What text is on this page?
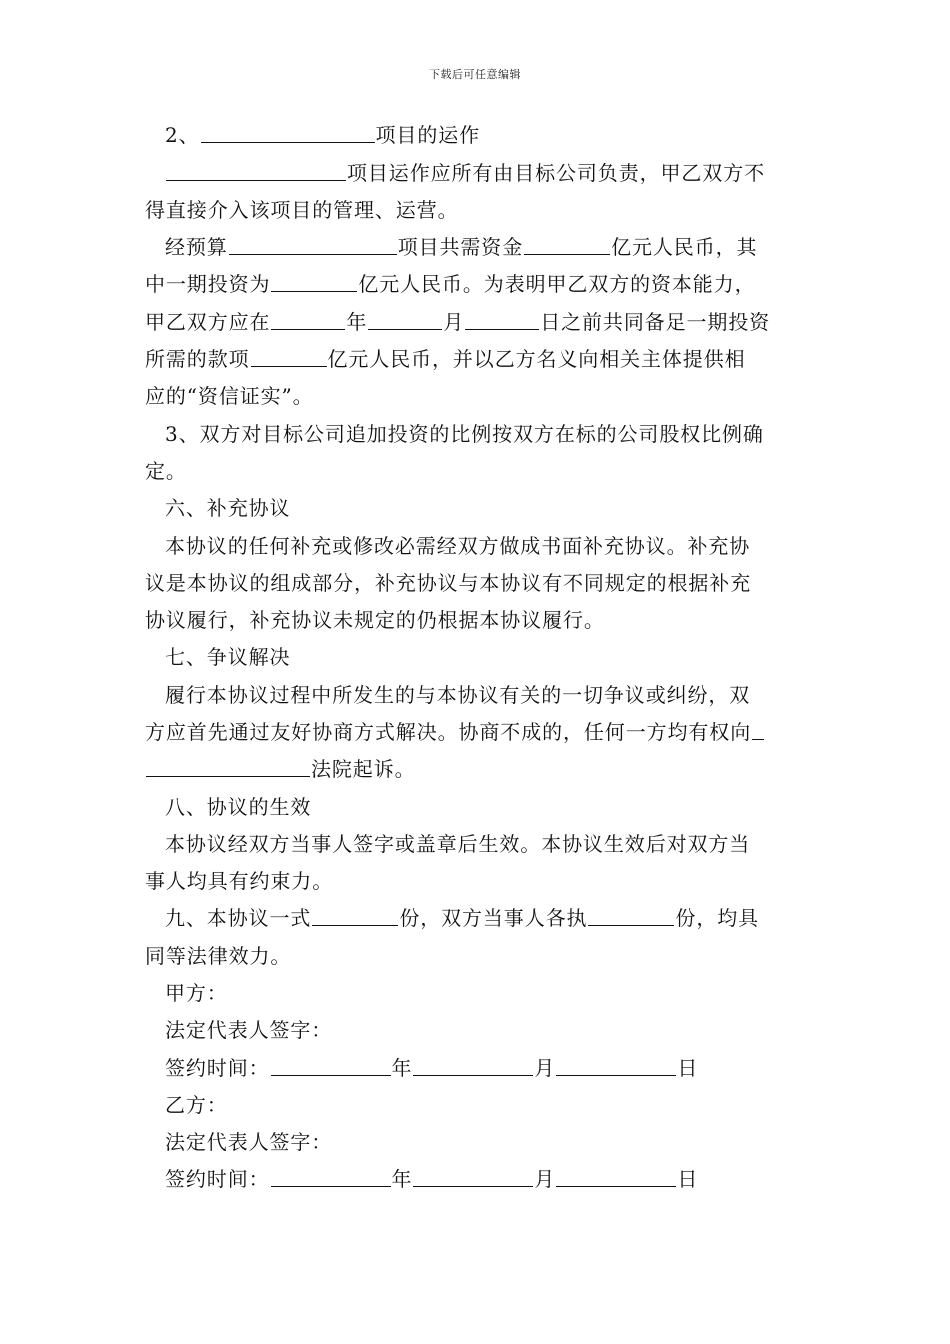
下载后可任意编辑
2、	项目的运作
项目运作应所有由目标公司负责，甲乙双方不
得直接介入该项目的管理、运营。
经预算	项目共需资金	亿元人民币，其
中一期投资为	亿元人民币。为表明甲乙双方的资本能力，
甲乙双方应在	年	月	日之前共同备足一期投资
所需的款项	亿元人民币，并以乙方名义向相关主体提供相
应的“资信证实”。
3、双方对目标公司追加投资的比例按双方在标的公司股权比例确
定。
六、补充协议
本协议的任何补充或修改必需经双方做成书面补充协议。补充协
议是本协议的组成部分，补充协议与本协议有不同规定的根据补充
协议履行，补充协议未规定的仍根据本协议履行。
七、争议解决
履行本协议过程中所发生的与本协议有关的一切争议或纠纷，双
方应首先通过友好协商方式解决。协商不成的，任何一方均有权向
法院起诉。
八、协议的生效
本协议经双方当事人签字或盖章后生效。本协议生效后对双方当
事人均具有约束力。
九、本协议一式	份，双方当事人各执	份，均具
同等法律效力。
甲方：
法定代表人签字：
签约时间：	年	月	日
乙方：
法定代表人签字：
签约时间：	年	月	日
